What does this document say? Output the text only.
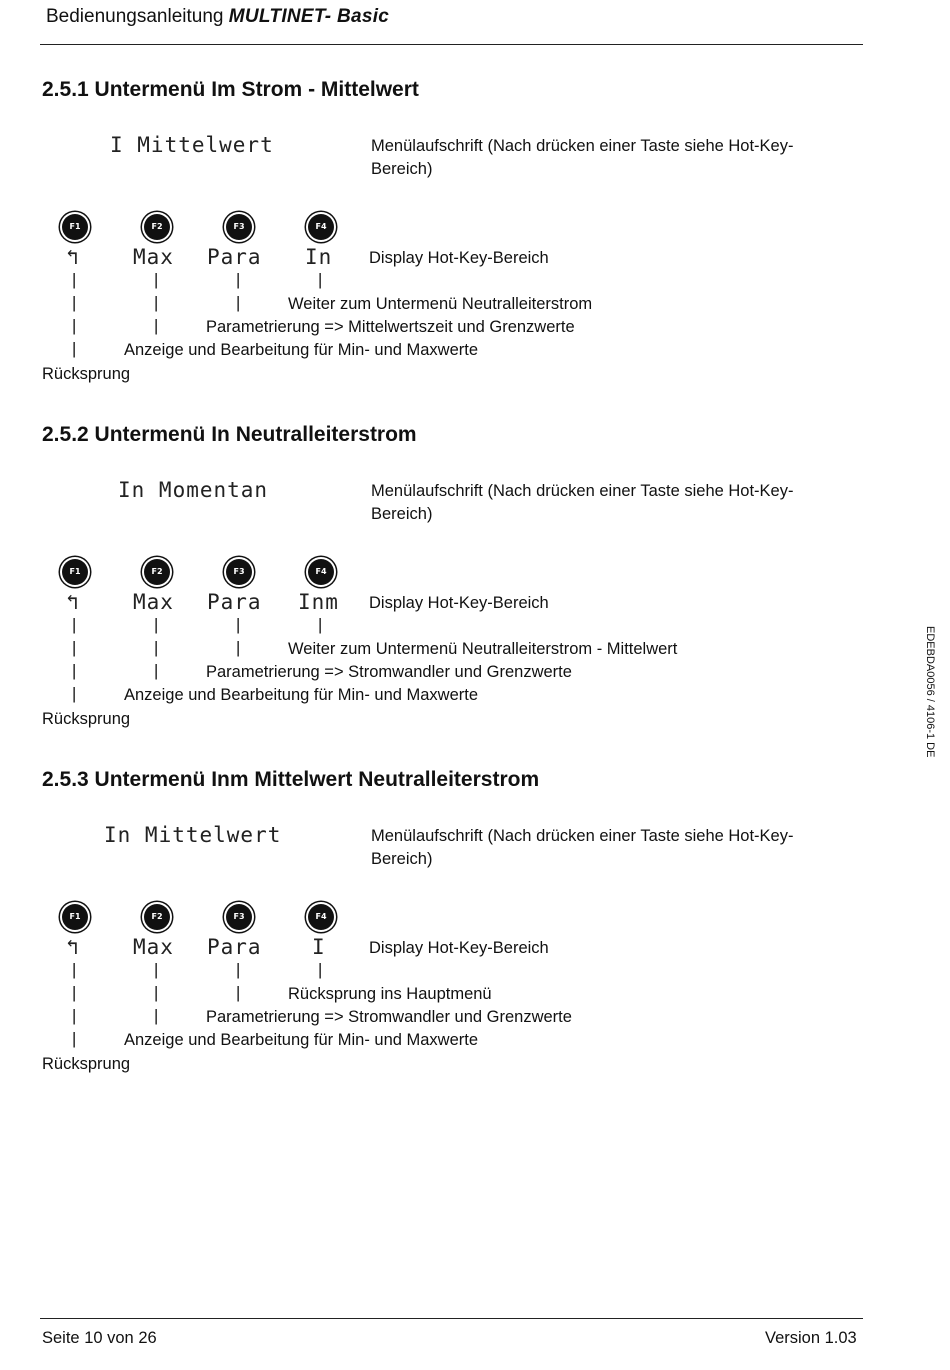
Bedienungsanleitung MULTINET- Basic
2.5.1 Untermenü Im Strom - Mittelwert
I Mittelwert	Menülaufschrift (Nach drücken einer Taste siehe Hot-Key-Bereich)
F1	F2	F3	F4
↰	Max Para In Display Hot-Key-Bereich
|	|	|	|
|	|	|	Weiter zum Untermenü Neutralleiterstrom
|	|	Parametrierung => Mittelwertszeit und Grenzwerte
|	Anzeige und Bearbeitung für Min- und Maxwerte
Rücksprung
2.5.2 Untermenü In Neutralleiterstrom
In Momentan	Menülaufschrift (Nach drücken einer Taste siehe Hot-Key-Bereich)
F1	F2	F3	F4
↰	Max Para Inm Display Hot-Key-Bereich
|	|	|	|
|	|	|	Weiter zum Untermenü Neutralleiterstrom - Mittelwert
|	|	Parametrierung => Stromwandler und Grenzwerte
|	Anzeige und Bearbeitung für Min- und Maxwerte
Rücksprung
2.5.3 Untermenü Inm Mittelwert Neutralleiterstrom
In Mittelwert	Menülaufschrift (Nach drücken einer Taste siehe Hot-Key-Bereich)
F1	F2	F3	F4
↰	Max Para I	Display Hot-Key-Bereich
|	|	|	|
|	|	|	Rücksprung ins Hauptmenü
|	|	Parametrierung => Stromwandler und Grenzwerte
|	Anzeige und Bearbeitung für Min- und Maxwerte
Rücksprung
EDEBDA0056 / 4106-1 DE
Seite 10 von 26	Version 1.03
